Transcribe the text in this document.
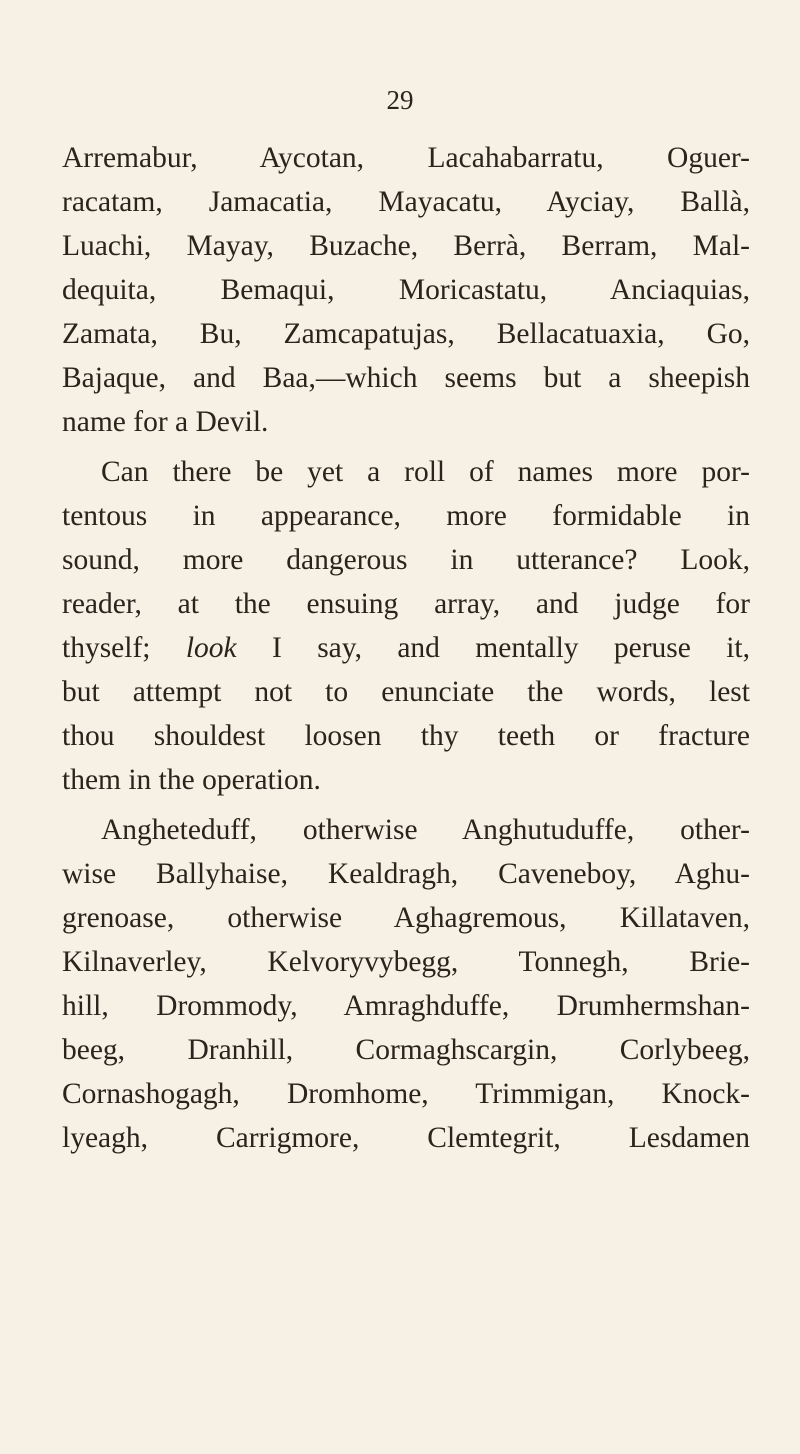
29
Arremabur, Aycotan, Lacahabarratu, Oguer-
racatam, Jamacatia, Mayacatu, Ayciay, Ballà,
Luachi, Mayay, Buzache, Berrà, Berram, Mal-
dequita, Bemaqui, Moricastatu, Anciaquias,
Zamata, Bu, Zamcapatujas, Bellacatuaxia, Go,
Bajaque, and Baa,—which seems but a sheepish
name for a Devil.
Can there be yet a roll of names more por-
tentous in appearance, more formidable in
sound, more dangerous in utterance? Look,
reader, at the ensuing array, and judge for
thyself; look I say, and mentally peruse it,
but attempt not to enunciate the words, lest
thou shouldest loosen thy teeth or fracture
them in the operation.
Angheteduff, otherwise Anghutuduffe, other-
wise Ballyhaise, Kealdragh, Caveneboy, Aghu-
grenoase, otherwise Aghagremous, Killataven,
Kilnaverley, Kelvoryvybegg, Tonnegh, Brie-
hill, Drommody, Amraghduffe, Drumhermshan-
beeg, Dranhill, Cormaghscargin, Corlybeeg,
Cornashogagh, Dromhome, Trimmigan, Knock-
lyeagh, Carrigmore, Clemtegrit, Lesdamen
